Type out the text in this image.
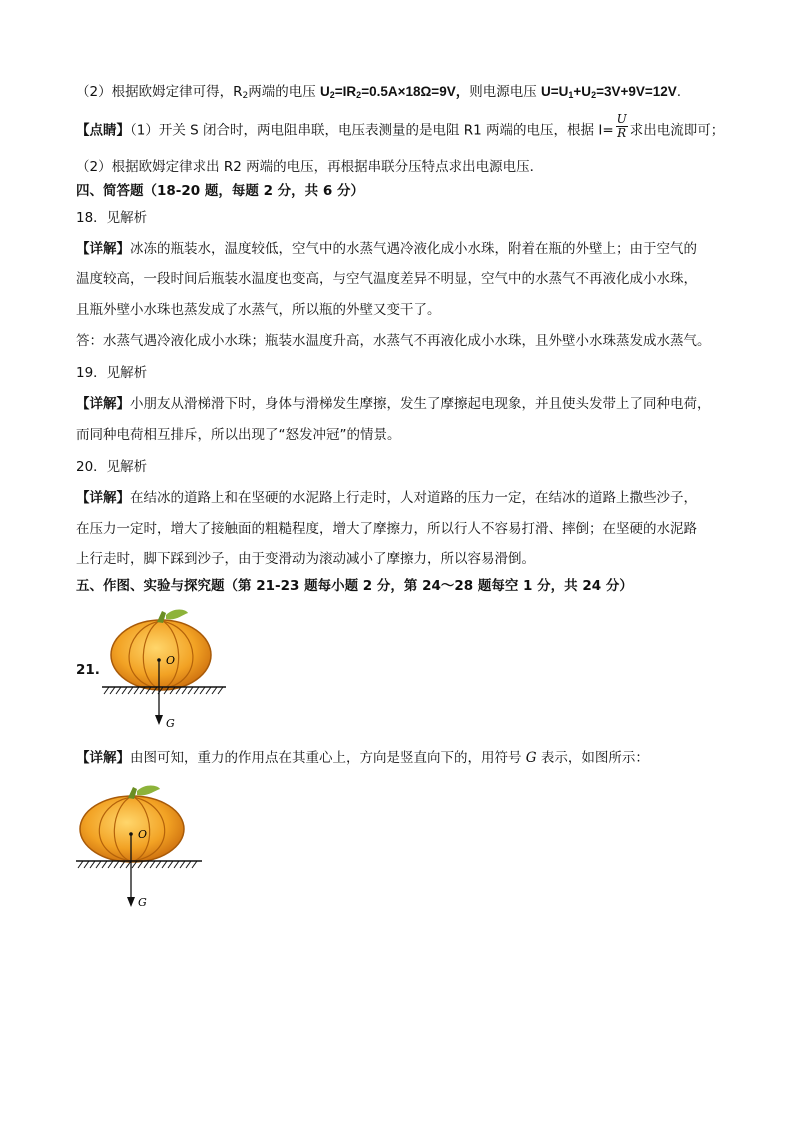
（2）根据欧姆定律可得，$R_2$两端的电压 $U_2=IR_2=0.5A\times 18\Omega=9V$，则电源电压 $U=U_1+U_2=3V+9V=12V$.
【点睛】（1）开关 S 闭合时，两电阻串联，电压表测量的是电阻 R1 两端的电压，根据 $I= \frac{U}{R}$ 求出电流即可；
（2）根据欧姆定律求出 R2 两端的电压，再根据串联分压特点求出电源电压．
四、简答题（18-20 题，每题 2 分，共 6 分）
18．见解析
【详解】冰冻的瓶装水，温度较低，空气中的水蒸气遇冷液化成小水珠，附着在瓶的外壁上；由于空气的
温度较高，一段时间后瓶装水温度也变高，与空气温度差异不明显，空气中的水蒸气不再液化成小水珠，
且瓶外壁小水珠也蒸发成了水蒸气，所以瓶的外壁又变干了。
答：水蒸气遇冷液化成小水珠；瓶装水温度升高，水蒸气不再液化成小水珠，且外壁小水珠蒸发成水蒸气。
19．见解析
【详解】小朋友从滑梯滑下时，身体与滑梯发生摩擦，发生了摩擦起电现象，并且使头发带上了同种电荷，
而同种电荷相互排斥，所以出现了“怒发冲冠”的情景。
20．见解析
【详解】在结冰的道路上和在坚硬的水泥路上行走时，人对道路的压力一定，在结冰的道路上撒些沙子，
在压力一定时，增大了接触面的粗糙程度，增大了摩擦力，所以行人不容易打滑、摔倒；在坚硬的水泥路
上行走时，脚下踩到沙子，由于变滑动为滚动减小了摩擦力，所以容易滑倒。
五、作图、实验与探究题（第 21-23 题每小题 2 分，第 24～28 题每空 1 分，共 24 分）
21.
O
G
【详解】由图可知，重力的作用点在其重心上，方向是竖直向下的，用符号 G 表示，如图所示：
O
G
